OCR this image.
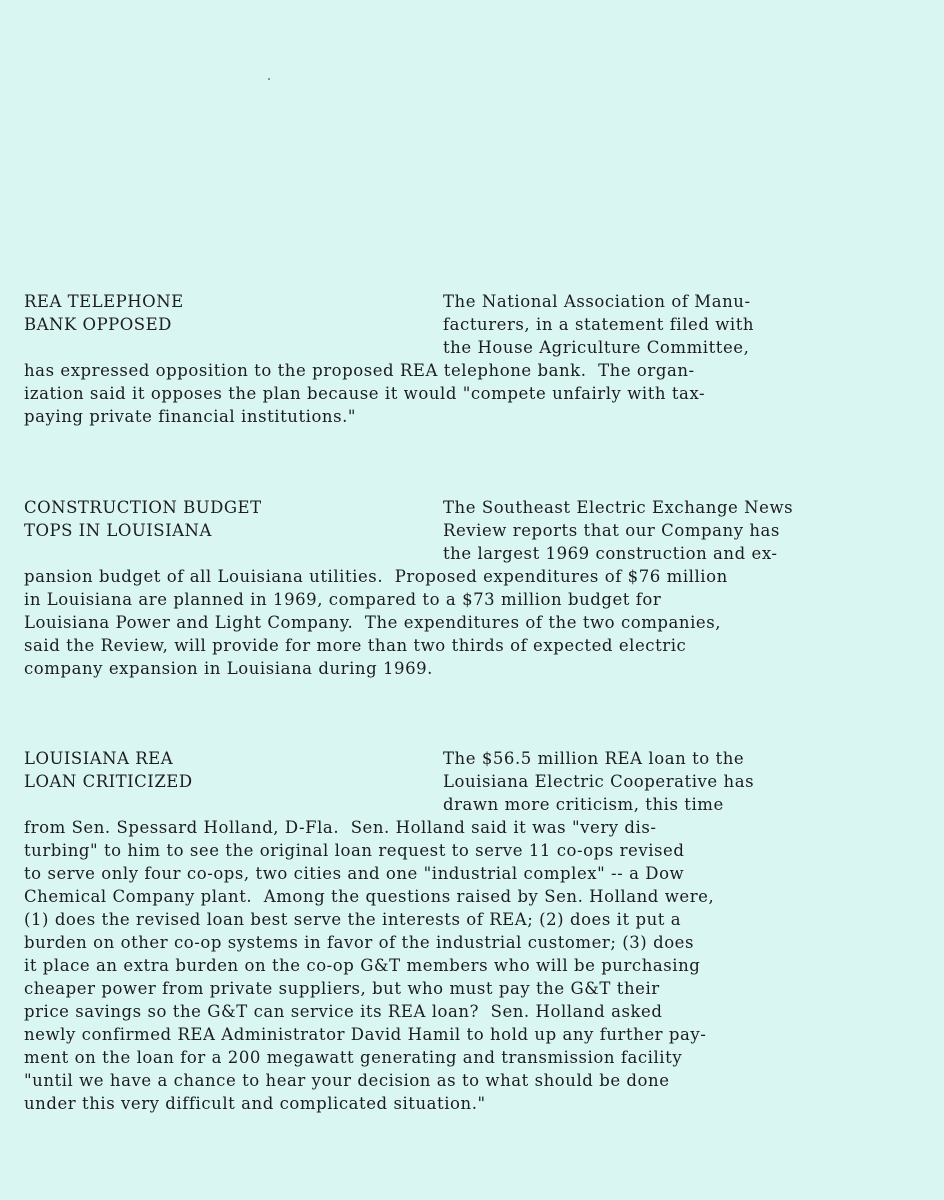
REA TELEPHONE
BANK OPPOSED
The National Association of Manu-
facturers, in a statement filed with
the House Agriculture Committee,
has expressed opposition to the proposed REA telephone bank.  The organ-
ization said it opposes the plan because it would "compete unfairly with tax-
paying private financial institutions."
CONSTRUCTION BUDGET
TOPS IN LOUISIANA
The Southeast Electric Exchange News
Review reports that our Company has
the largest 1969 construction and ex-
pansion budget of all Louisiana utilities.  Proposed expenditures of $76 million
in Louisiana are planned in 1969, compared to a $73 million budget for
Louisiana Power and Light Company.  The expenditures of the two companies,
said the Review, will provide for more than two thirds of expected electric
company expansion in Louisiana during 1969.
LOUISIANA REA
LOAN CRITICIZED
The $56.5 million REA loan to the
Louisiana Electric Cooperative has
drawn more criticism, this time
from Sen. Spessard Holland, D-Fla.  Sen. Holland said it was "very dis-
turbing" to him to see the original loan request to serve 11 co-ops revised
to serve only four co-ops, two cities and one "industrial complex" -- a Dow
Chemical Company plant.  Among the questions raised by Sen. Holland were,
(1) does the revised loan best serve the interests of REA; (2) does it put a
burden on other co-op systems in favor of the industrial customer; (3) does
it place an extra burden on the co-op G&T members who will be purchasing
cheaper power from private suppliers, but who must pay the G&T their
price savings so the G&T can service its REA loan?  Sen. Holland asked
newly confirmed REA Administrator David Hamil to hold up any further pay-
ment on the loan for a 200 megawatt generating and transmission facility
"until we have a chance to hear your decision as to what should be done
under this very difficult and complicated situation."
